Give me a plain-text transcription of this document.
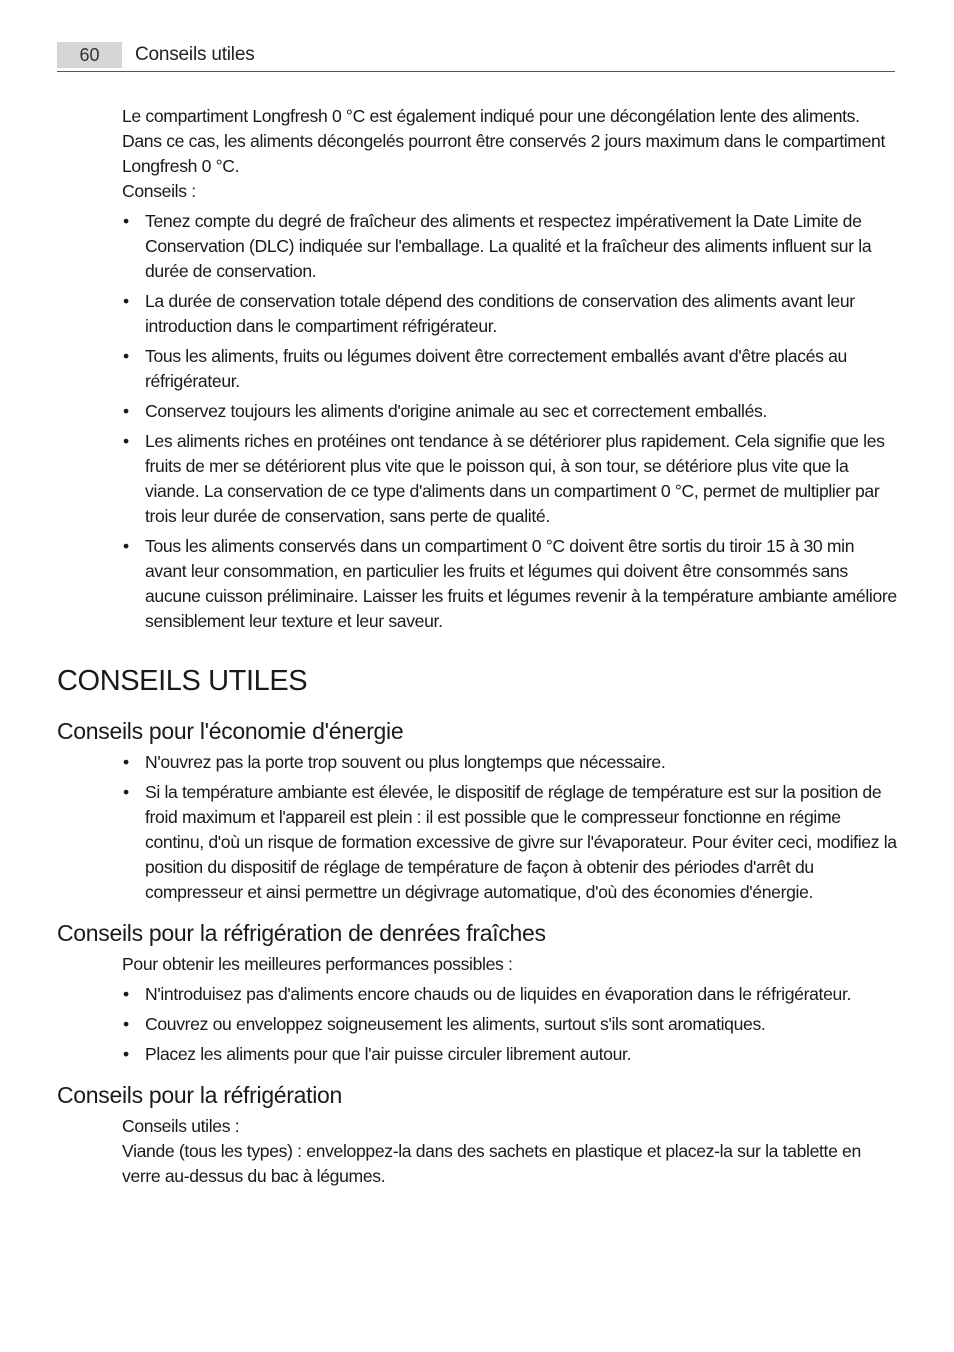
60	Conseils utiles

Le compartiment Longfresh 0 °C est également indiqué pour une décongélation lente des aliments. Dans ce cas, les aliments décongelés pourront être conservés 2 jours maximum dans le compartiment Longfresh 0 °C.

Conseils :

• Tenez compte du degré de fraîcheur des aliments et respectez impérativement la Date Limite de Conservation (DLC) indiquée sur l'emballage. La qualité et la fraîcheur des aliments influent sur la durée de conservation.
• La durée de conservation totale dépend des conditions de conservation des aliments avant leur introduction dans le compartiment réfrigérateur.
• Tous les aliments, fruits ou légumes doivent être correctement emballés avant d'être placés au réfrigérateur.
• Conservez toujours les aliments d'origine animale au sec et correctement emballés.
• Les aliments riches en protéines ont tendance à se détériorer plus rapidement. Cela signifie que les fruits de mer se détériorent plus vite que le poisson qui, à son tour, se détériore plus vite que la viande. La conservation de ce type d'aliments dans un compartiment 0 °C, permet de multiplier par trois leur durée de conservation, sans perte de qualité.
• Tous les aliments conservés dans un compartiment 0 °C doivent être sortis du tiroir 15 à 30 min avant leur consommation, en particulier les fruits et légumes qui doivent être consommés sans aucune cuisson préliminaire. Laisser les fruits et légumes revenir à la température ambiante améliore sensiblement leur texture et leur saveur.
CONSEILS UTILES
Conseils pour l'économie d'énergie
• N'ouvrez pas la porte trop souvent ou plus longtemps que nécessaire.
• Si la température ambiante est élevée, le dispositif de réglage de température est sur la position de froid maximum et l'appareil est plein : il est possible que le compresseur fonctionne en régime continu, d'où un risque de formation excessive de givre sur l'évaporateur. Pour éviter ceci, modifiez la position du dispositif de réglage de température de façon à obtenir des périodes d'arrêt du compresseur et ainsi permettre un dégivrage automatique, d'où des économies d'énergie.
Conseils pour la réfrigération de denrées fraîches

Pour obtenir les meilleures performances possibles :

• N'introduisez pas d'aliments encore chauds ou de liquides en évaporation dans le réfrigérateur.
• Couvrez ou enveloppez soigneusement les aliments, surtout s'ils sont aromatiques.
• Placez les aliments pour que l'air puisse circuler librement autour.
Conseils pour la réfrigération

Conseils utiles :

Viande (tous les types) : enveloppez-la dans des sachets en plastique et placez-la sur la tablette en verre au-dessus du bac à légumes.
